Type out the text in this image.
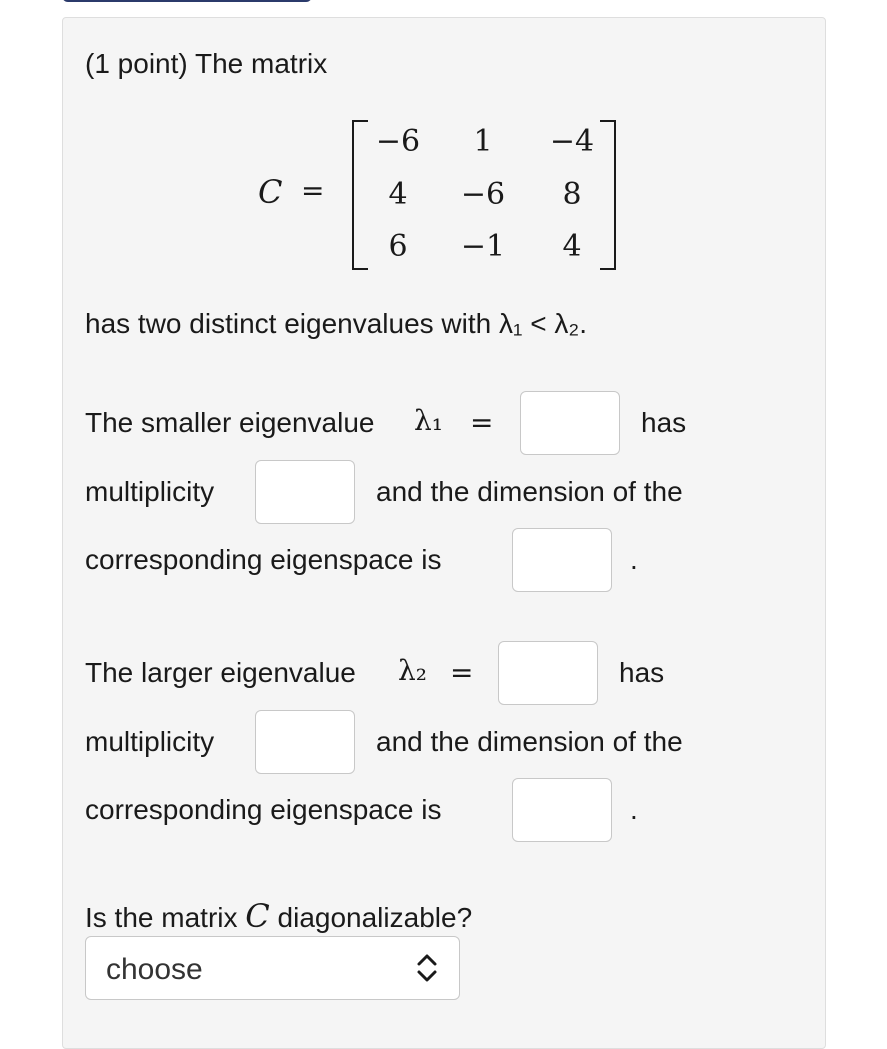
(1 point) The matrix
C =
−6	1	−4
4	−6	8
6	−1	4
has two distinct eigenvalues with λ₁ < λ₂.
The smaller eigenvalue λ₁ =	has
multiplicity	and the dimension of the
corresponding eigenspace is	.
The larger eigenvalue λ₂ =	has
multiplicity	and the dimension of the
corresponding eigenspace is	.
Is the matrix C diagonalizable?
choose
